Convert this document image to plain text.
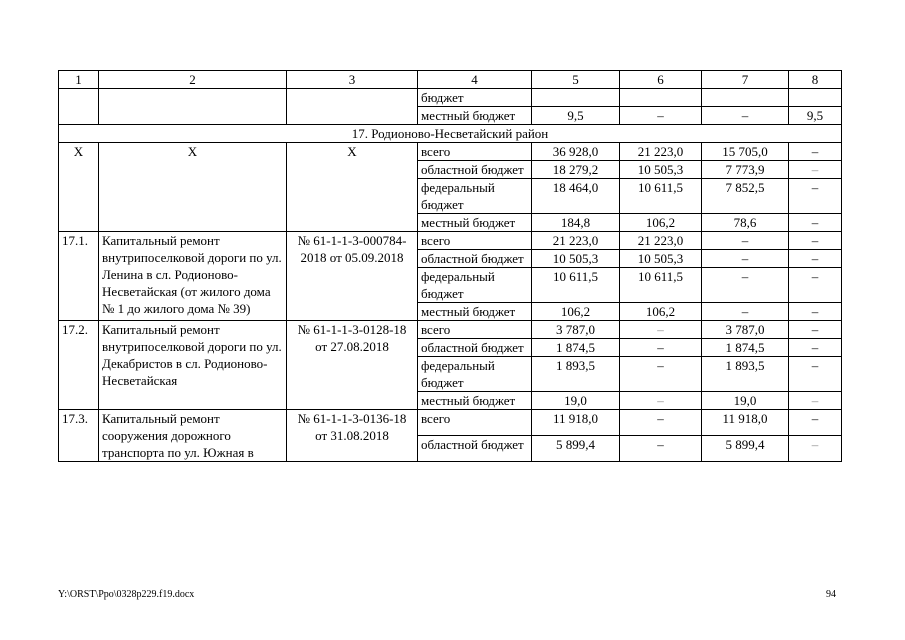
1	2	3	4	5	6	7	8
			бюджет				
			местный бюджет	9,5	–	–	9,5
17. Родионово-Несветайский район							
X	X	X	всего	36 928,0	21 223,0	15 705,0	–
			областной бюджет	18 279,2	10 505,3	7 773,9	–
			федеральный бюджет	18 464,0	10 611,5	7 852,5	–
			местный бюджет	184,8	106,2	78,6	–
17.1.	Капитальный ремонт внутрипоселковой дороги по ул. Ленина в сл. Родионово-Несветайская (от жилого дома № 1 до жилого дома № 39)	№ 61-1-1-3-000784-2018 от 05.09.2018	всего	21 223,0	21 223,0	–	–
			областной бюджет	10 505,3	10 505,3	–	–
			федеральный бюджет	10 611,5	10 611,5	–	–
			местный бюджет	106,2	106,2	–	–
17.2.	Капитальный ремонт внутрипоселковой дороги по ул. Декабристов в сл. Родионово-Несветайская	№ 61-1-1-3-0128-18 от 27.08.2018	всего	3 787,0	–	3 787,0	–
			областной бюджет	1 874,5	–	1 874,5	–
			федеральный бюджет	1 893,5	–	1 893,5	–
			местный бюджет	19,0	–	19,0	–
17.3.	Капитальный ремонт сооружения дорожного транспорта по ул. Южная в	№ 61-1-1-3-0136-18 от 31.08.2018	всего	11 918,0	–	11 918,0	–
			областной бюджет	5 899,4	–	5 899,4	–
Y:\ORST\Ppo\0328p229.f19.docx	94
